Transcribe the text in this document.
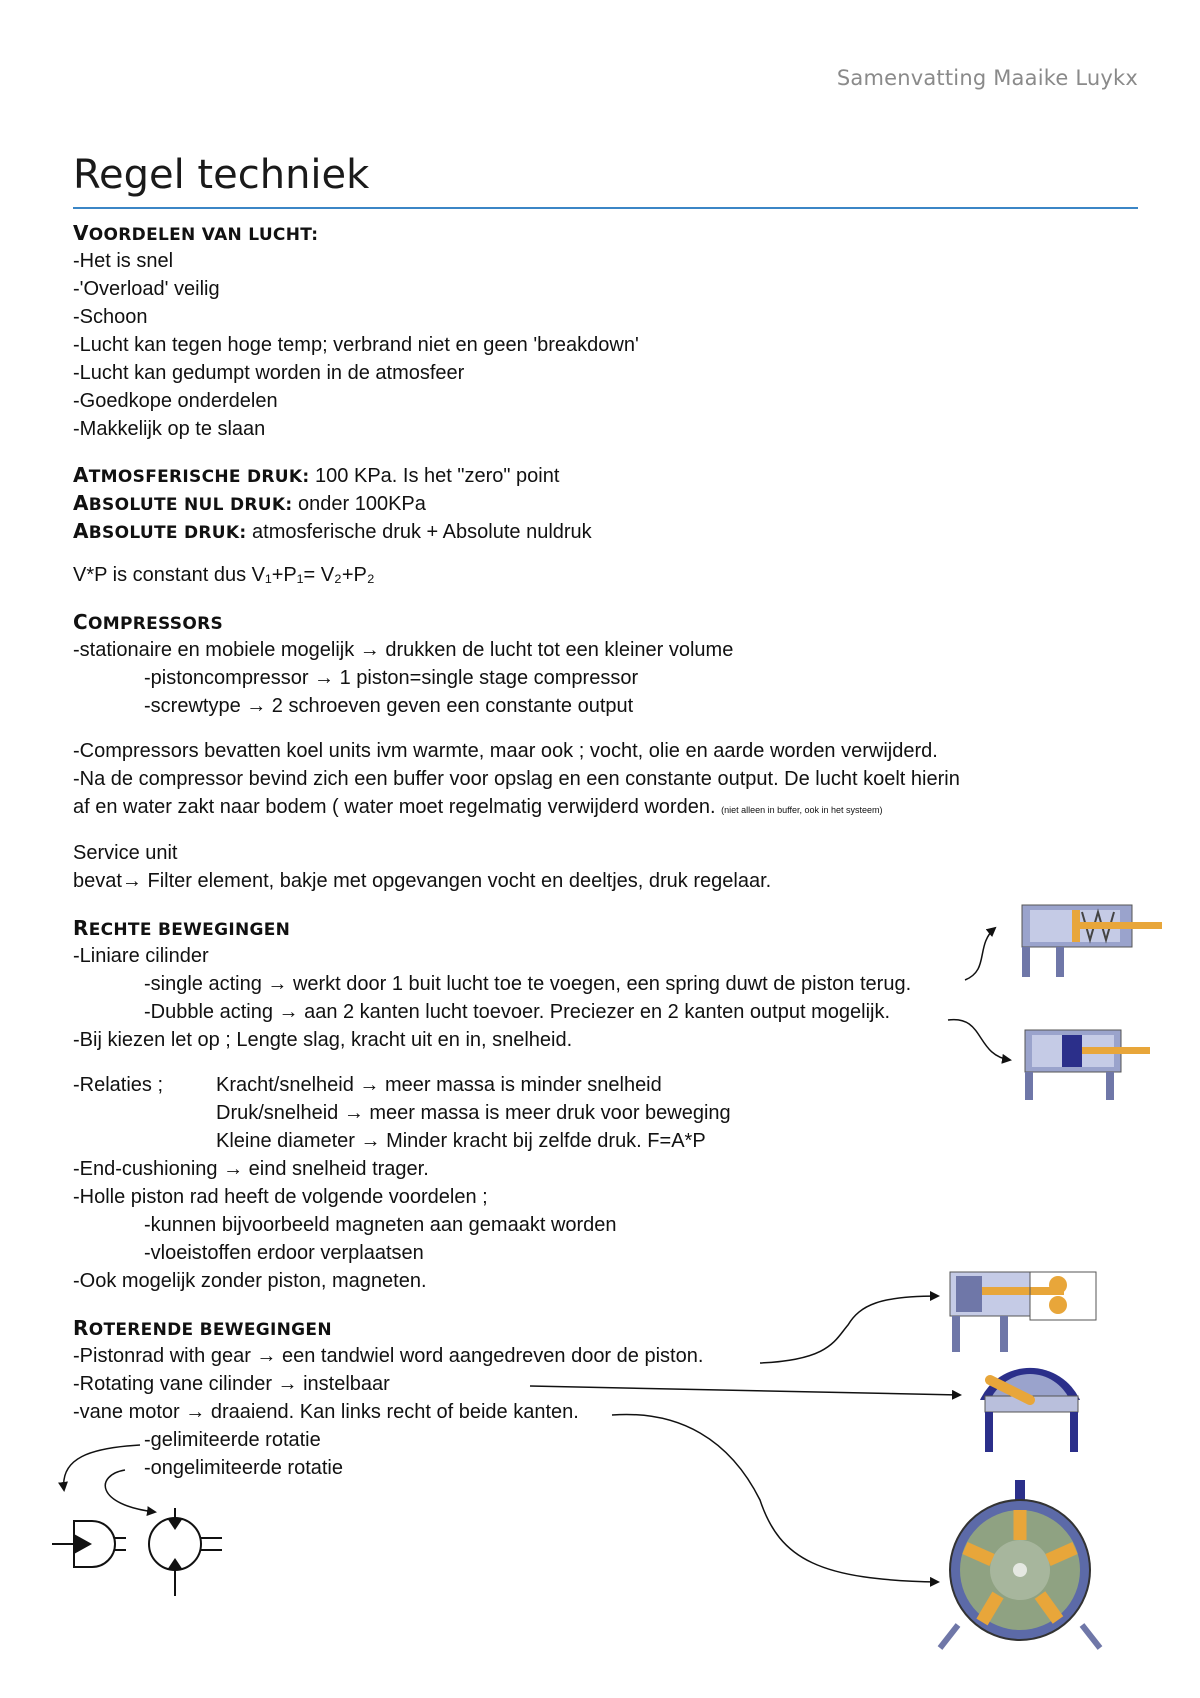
Samenvatting Maaike Luykx
Regel techniek
VOORDELEN VAN LUCHT:
-Het is snel
-'Overload' veilig
-Schoon
-Lucht kan tegen hoge temp; verbrand niet en geen 'breakdown'
-Lucht kan gedumpt worden in de atmosfeer
-Goedkope onderdelen
-Makkelijk op te slaan
ATMOSFERISCHE DRUK: 100 KPa. Is het "zero" point
ABSOLUTE NUL DRUK: onder 100KPa
ABSOLUTE DRUK: atmosferische druk + Absolute nuldruk
V*P is constant dus V₁+P₁= V₂+P₂
COMPRESSORS
-stationaire en mobiele mogelijk → drukken de lucht tot een kleiner volume
-pistoncompressor → 1 piston=single stage compressor
-screwtype → 2 schroeven geven een constante output
-Compressors bevatten koel units ivm warmte, maar ook ; vocht, olie en aarde worden verwijderd.
-Na de compressor bevind zich een buffer voor opslag en een constante output. De lucht koelt hierin
af en water zakt naar bodem ( water moet regelmatig verwijderd worden. (niet alleen in buffer, ook in het systeem)
Service unit
bevat→ Filter element, bakje met opgevangen vocht en deeltjes, druk regelaar.
RECHTE BEWEGINGEN
-Liniare cilinder
-single acting → werkt door 1 buit lucht toe te voegen, een spring duwt de piston terug.
-Dubble acting → aan 2 kanten lucht toevoer. Preciezer en 2 kanten output mogelijk.
-Bij kiezen let op ; Lengte slag, kracht uit en in, snelheid.
-Relaties ;	Kracht/snelheid → meer massa is minder snelheid
Druk/snelheid → meer massa is meer druk voor beweging
Kleine diameter → Minder kracht bij zelfde druk. F=A*P
-End-cushioning → eind snelheid trager.
-Holle piston rad heeft de volgende voordelen ;
-kunnen bijvoorbeeld magneten aan gemaakt worden
-vloeistoffen erdoor verplaatsen
-Ook mogelijk zonder piston, magneten.
ROTERENDE BEWEGINGEN
-Pistonrad with gear → een tandwiel word aangedreven door de piston.
-Rotating vane cilinder → instelbaar
-vane motor → draaiend. Kan links recht of beide kanten.
-gelimiteerde rotatie
-ongelimiteerde rotatie
